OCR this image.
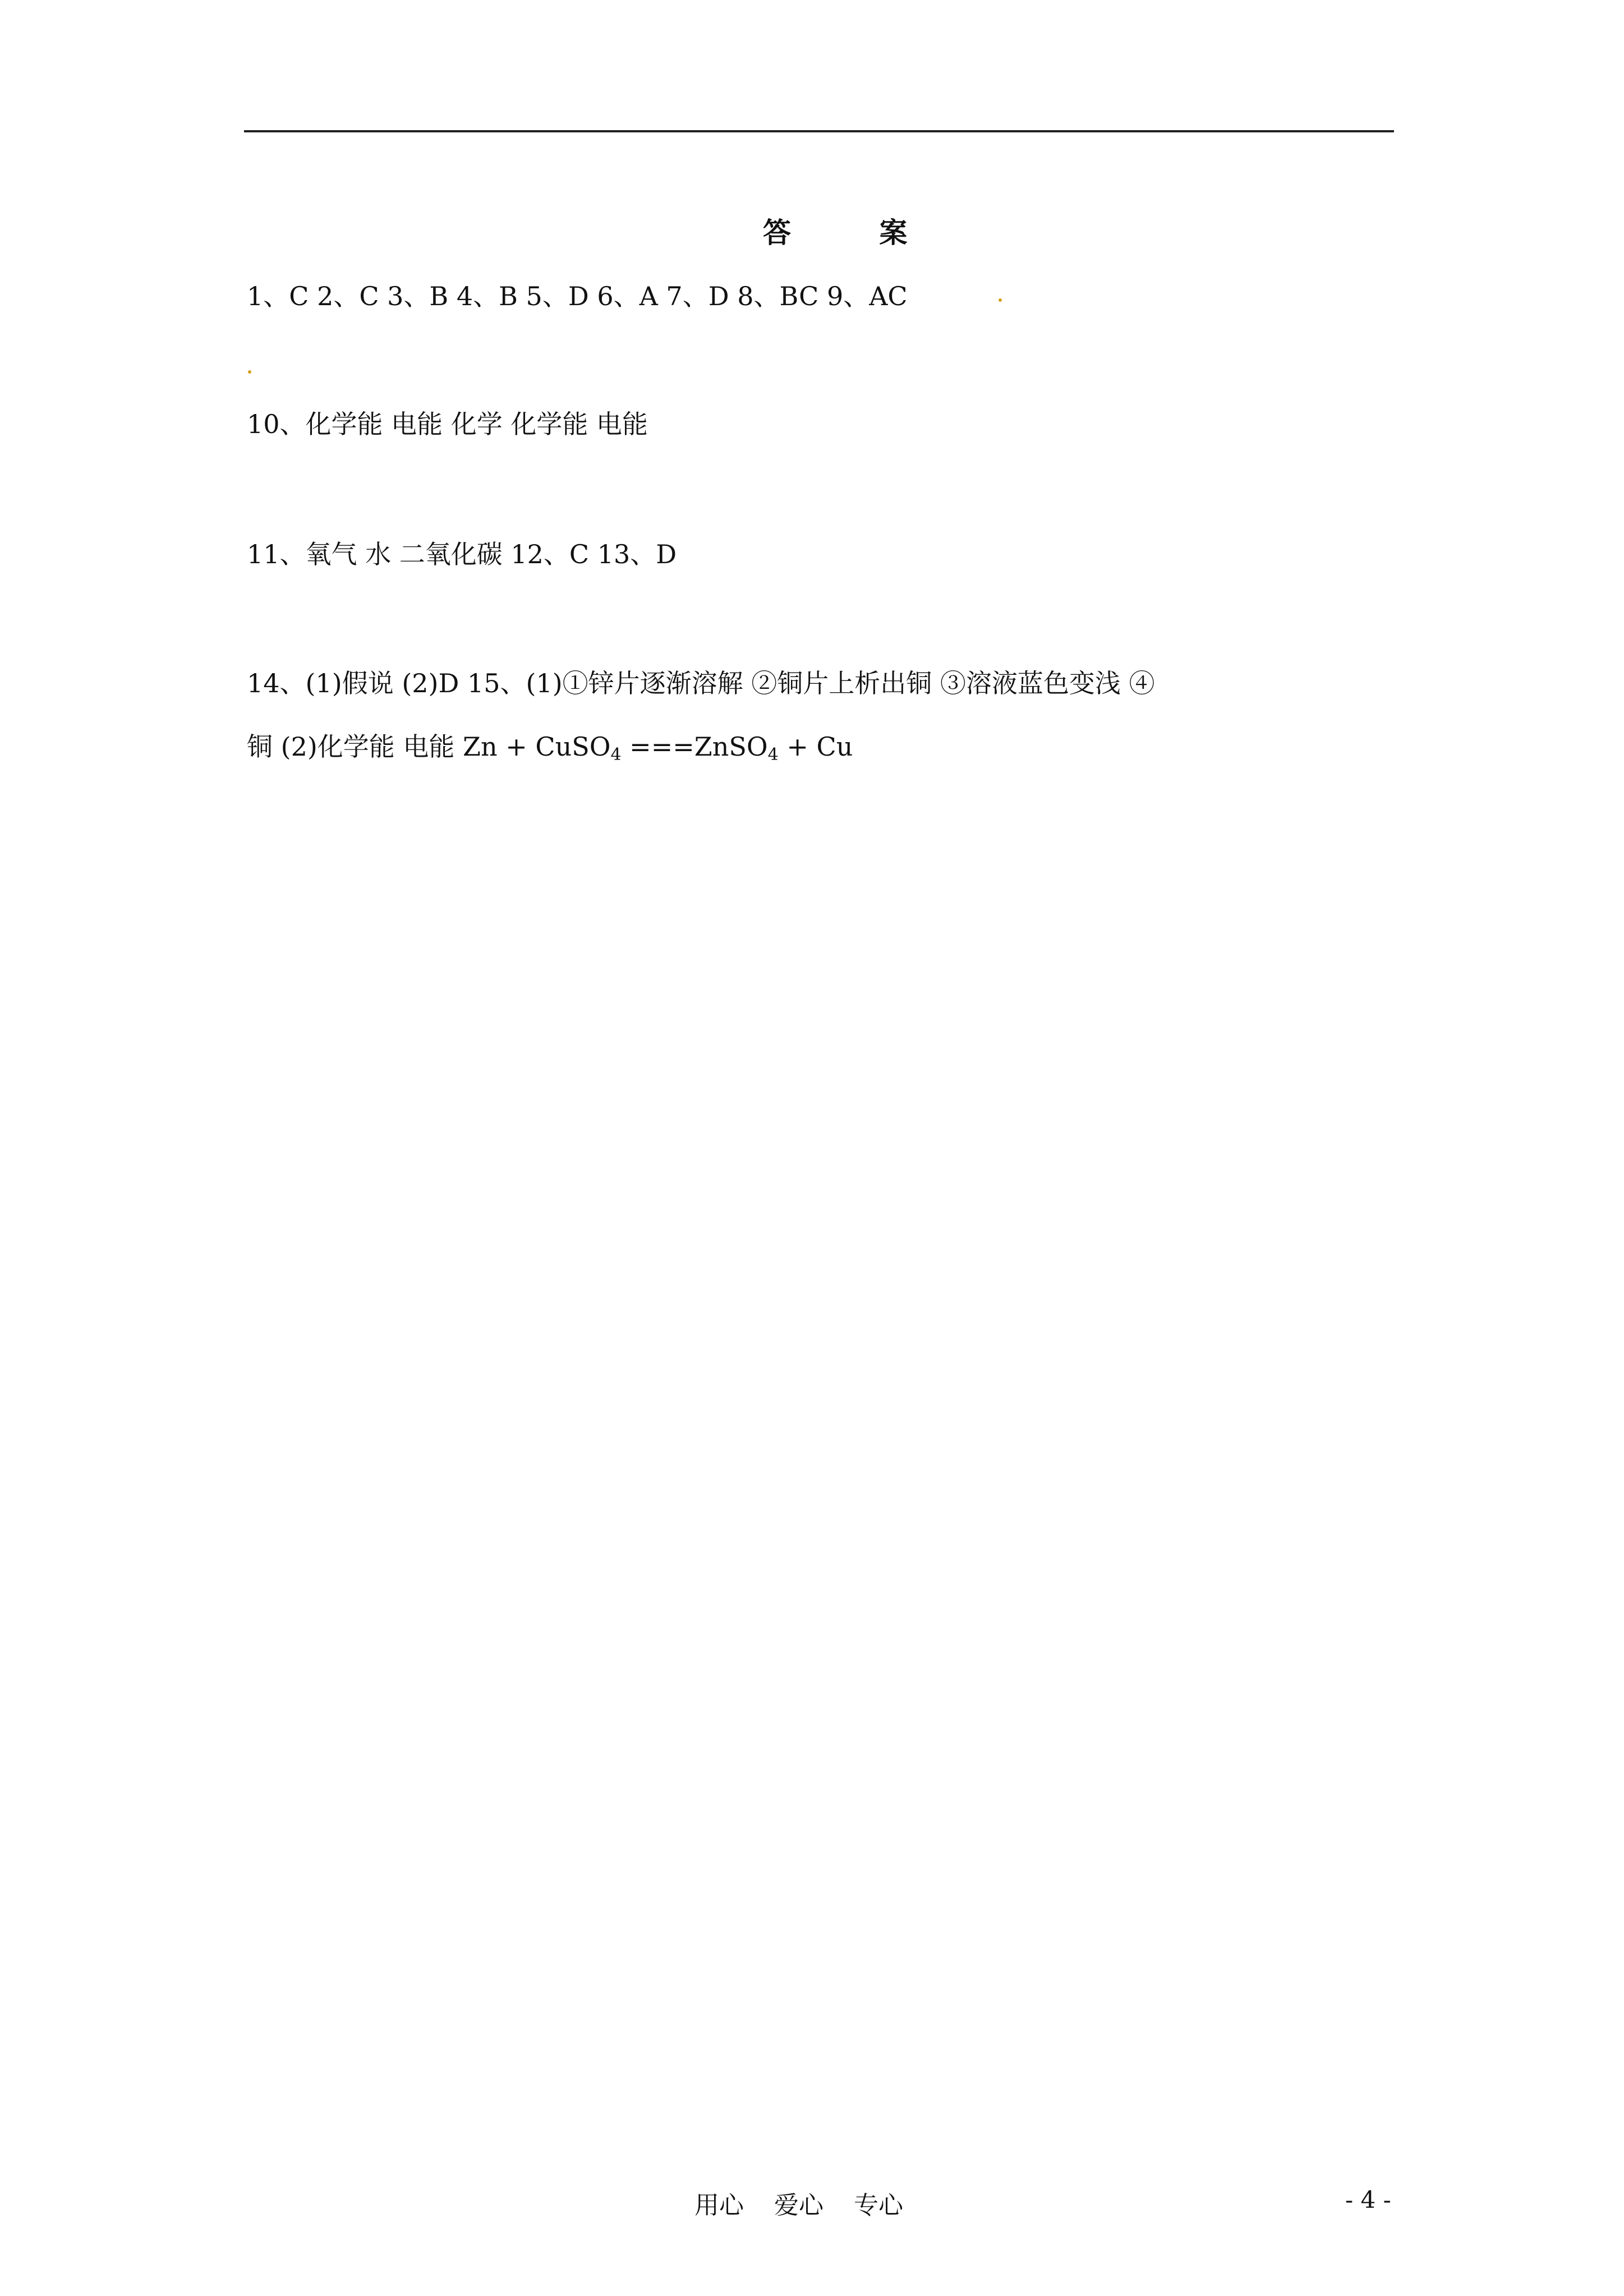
答 案
1、C 2、C 3、B 4、B 5、D 6、A 7、D 8、BC 9、AC
10、化学能 电能 化学 化学能 电能
11、氧气 水 二氧化碳 12、C 13、D
14、(1)假说 (2)D 15、(1)①锌片逐渐溶解 ②铜片上析出铜 ③溶液蓝色变浅 ④
铜 (2)化学能 电能 Zn + CuSO$_4$ ===ZnSO$_4$ + Cu
用心 爱心 专心	- 4 -
